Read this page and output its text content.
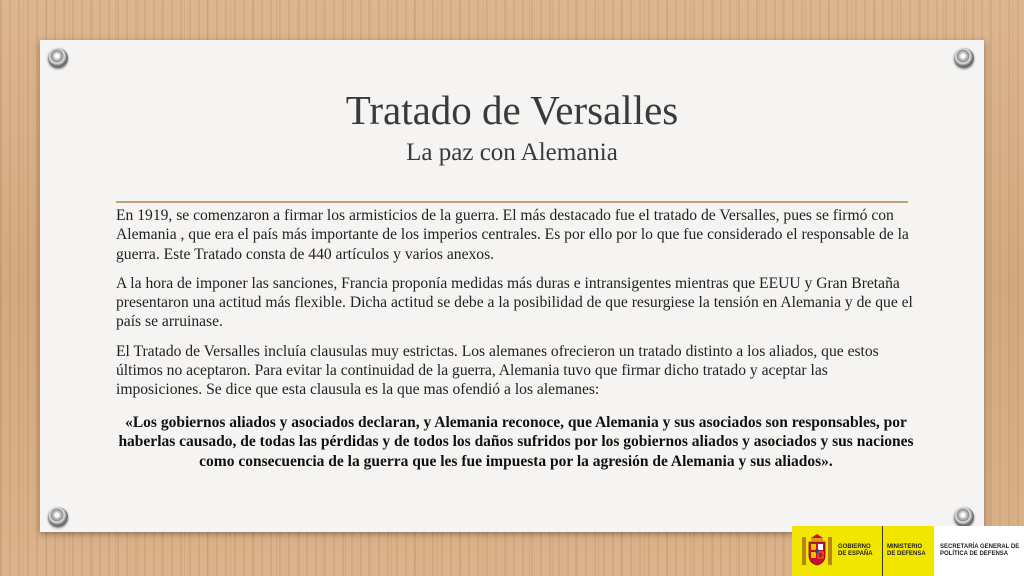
Tratado de Versalles
La paz con Alemania

En 1919, se comenzaron a firmar los armisticios de la guerra. El más destacado fue el tratado de Versalles, pues se firmó con Alemania , que era el país más importante de los imperios centrales. Es por ello por lo que fue considerado el responsable de la guerra. Este Tratado consta de 440 artículos y varios anexos.

A la hora de imponer las sanciones, Francia proponía medidas más duras e intransigentes mientras que EEUU y Gran Bretaña presentaron una actitud más flexible. Dicha actitud se debe a la posibilidad de que resurgiese la tensión en Alemania y de que el país se arruinase.

El Tratado de Versalles incluía clausulas muy estrictas. Los alemanes ofrecieron un tratado distinto a los aliados, que estos últimos no aceptaron. Para evitar la continuidad de la guerra, Alemania tuvo que firmar dicho tratado y aceptar las imposiciones. Se dice que esta clausula es la que mas ofendió a los alemanes:

«Los gobiernos aliados y asociados declaran, y Alemania reconoce, que Alemania y sus asociados son responsables, por haberlas causado, de todas las pérdidas y de todos los daños sufridos por los gobiernos aliados y asociados y sus naciones como consecuencia de la guerra que les fue impuesta por la agresión de Alemania y sus aliados».
GOBIERNO
DE ESPAÑA
MINISTERIO
DE DEFENSA
SECRETARÍA GENERAL DE
POLÍTICA DE DEFENSA
